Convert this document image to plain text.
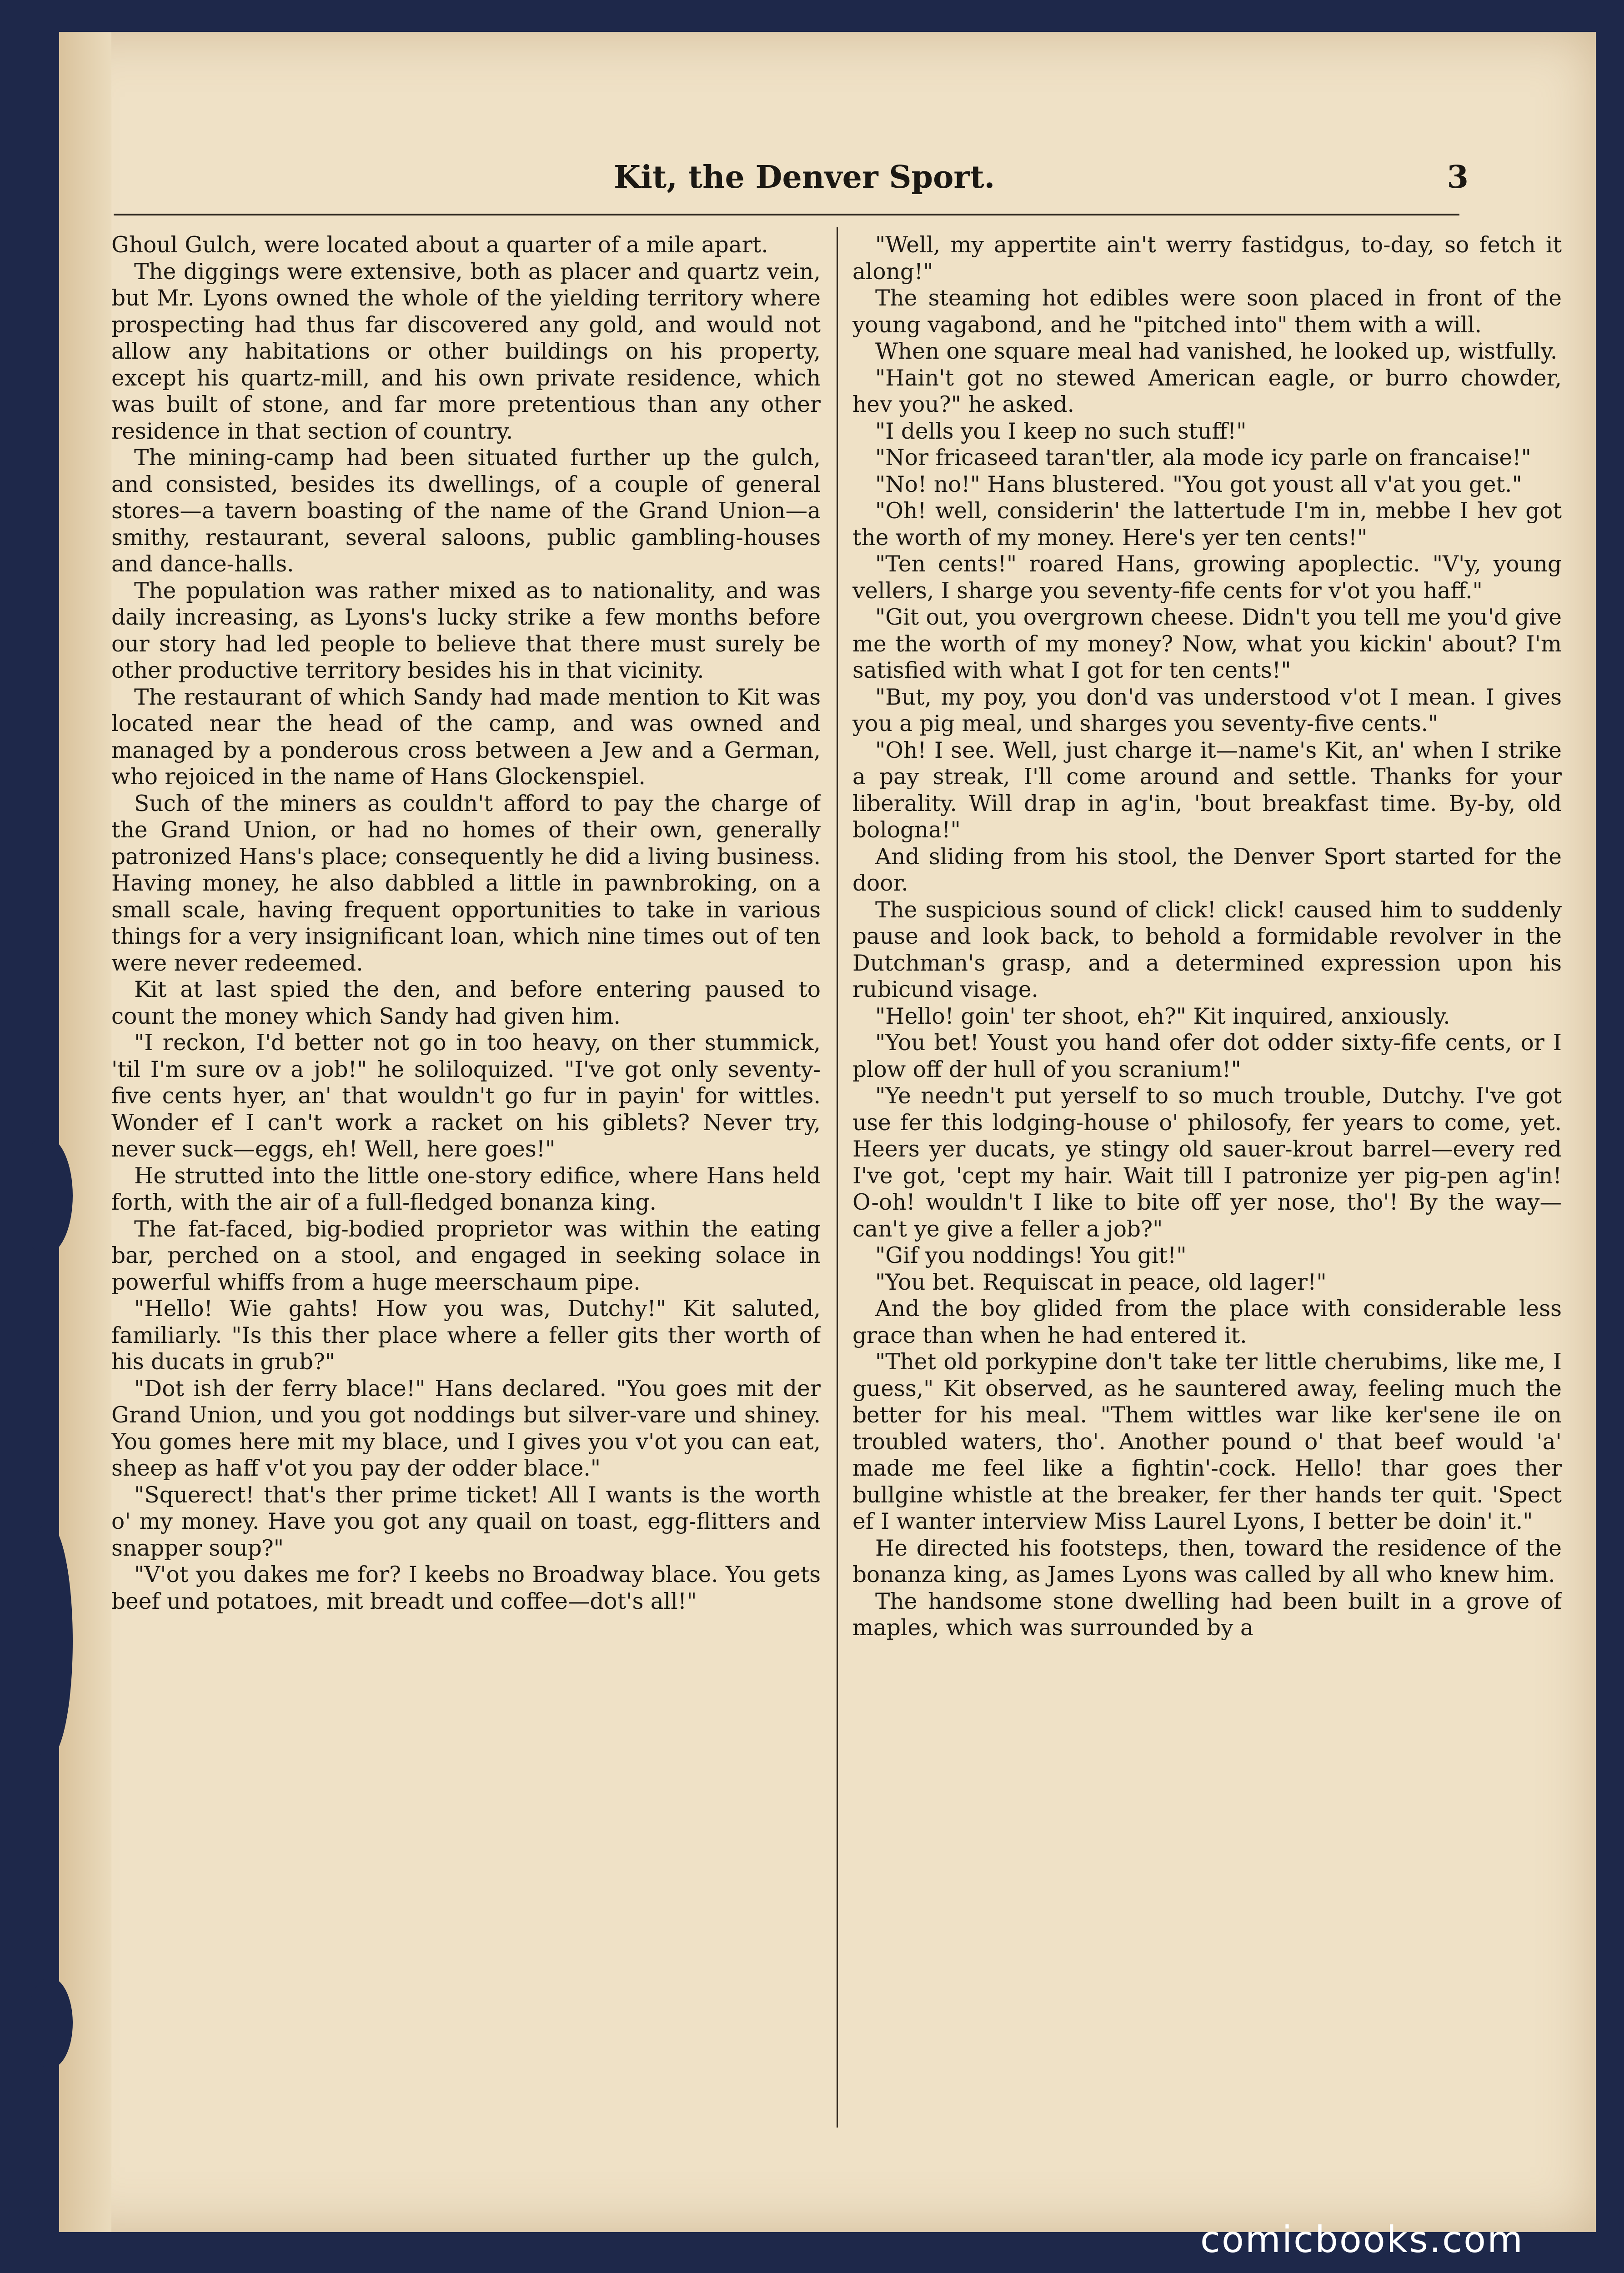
Kit, the Denver Sport.	3

Ghoul Gulch, were located about a quarter of a mile apart.

The diggings were extensive, both as placer and quartz vein, but Mr. Lyons owned the whole of the yielding territory where prospecting had thus far discovered any gold, and would not allow any habitations or other buildings on his property, except his quartz-mill, and his own private residence, which was built of stone, and far more pretentious than any other residence in that section of country.

The mining-camp had been situated further up the gulch, and consisted, besides its dwellings, of a couple of general stores—a tavern boasting of the name of the Grand Union—a smithy, restaurant, several saloons, public gambling-houses and dance-halls.

The population was rather mixed as to nationality, and was daily increasing, as Lyons's lucky strike a few months before our story had led people to believe that there must surely be other productive territory besides his in that vicinity.

The restaurant of which Sandy had made mention to Kit was located near the head of the camp, and was owned and managed by a ponderous cross between a Jew and a German, who rejoiced in the name of Hans Glockenspiel.

Such of the miners as couldn't afford to pay the charge of the Grand Union, or had no homes of their own, generally patronized Hans's place; consequently he did a living business. Having money, he also dabbled a little in pawnbroking, on a small scale, having frequent opportunities to take in various things for a very insignificant loan, which nine times out of ten were never redeemed.

Kit at last spied the den, and before entering paused to count the money which Sandy had given him.

"I reckon, I'd better not go in too heavy, on ther stummick, 'til I'm sure ov a job!" he soliloquized. "I've got only seventy-five cents hyer, an' that wouldn't go fur in payin' for wittles. Wonder ef I can't work a racket on his giblets? Never try, never suck—eggs, eh! Well, here goes!"

He strutted into the little one-story edifice, where Hans held forth, with the air of a full-fledged bonanza king.

The fat-faced, big-bodied proprietor was within the eating bar, perched on a stool, and engaged in seeking solace in powerful whiffs from a huge meerschaum pipe.

"Hello! Wie gahts! How you was, Dutchy!" Kit saluted, familiarly. "Is this ther place where a feller gits ther worth of his ducats in grub?"

"Dot ish der ferry blace!" Hans declared. "You goes mit der Grand Union, und you got noddings but silver-vare und shiney. You gomes here mit my blace, und I gives you v'ot you can eat, sheep as haff v'ot you pay der odder blace."

"Squerect! that's ther prime ticket! All I wants is the worth o' my money. Have you got any quail on toast, egg-flitters and snapper soup?"

"V'ot you dakes me for? I keebs no Broadway blace. You gets beef und potatoes, mit breadt und coffee—dot's all!"

"Well, my appertite ain't werry fastidgus, to-day, so fetch it along!"

The steaming hot edibles were soon placed in front of the young vagabond, and he "pitched into" them with a will.

When one square meal had vanished, he looked up, wistfully.

"Hain't got no stewed American eagle, or burro chowder, hev you?" he asked.

"I dells you I keep no such stuff!"

"Nor fricaseed taran'tler, ala mode icy parle on francaise!"

"No! no!" Hans blustered. "You got youst all v'at you get."

"Oh! well, considerin' the lattertude I'm in, mebbe I hev got the worth of my money. Here's yer ten cents!"

"Ten cents!" roared Hans, growing apoplectic. "V'y, young vellers, I sharge you seventy-fife cents for v'ot you haff."

"Git out, you overgrown cheese. Didn't you tell me you'd give me the worth of my money? Now, what you kickin' about? I'm satisfied with what I got for ten cents!"

"But, my poy, you don'd vas understood v'ot I mean. I gives you a pig meal, und sharges you seventy-five cents."

"Oh! I see. Well, just charge it—name's Kit, an' when I strike a pay streak, I'll come around and settle. Thanks for your liberality. Will drap in ag'in, 'bout breakfast time. By-by, old bologna!"

And sliding from his stool, the Denver Sport started for the door.

The suspicious sound of click! click! caused him to suddenly pause and look back, to behold a formidable revolver in the Dutchman's grasp, and a determined expression upon his rubicund visage.

"Hello! goin' ter shoot, eh?" Kit inquired, anxiously.

"You bet! Youst you hand ofer dot odder sixty-fife cents, or I plow off der hull of you scranium!"

"Ye needn't put yerself to so much trouble, Dutchy. I've got use fer this lodging-house o' philosofy, fer years to come, yet. Heers yer ducats, ye stingy old sauer-krout barrel—every red I've got, 'cept my hair. Wait till I patronize yer pig-pen ag'in! O-oh! wouldn't I like to bite off yer nose, tho'! By the way—can't ye give a feller a job?"

"Gif you noddings! You git!"

"You bet. Requiscat in peace, old lager!"

And the boy glided from the place with considerable less grace than when he had entered it.

"Thet old porkypine don't take ter little cherubims, like me, I guess," Kit observed, as he sauntered away, feeling much the better for his meal. "Them wittles war like ker'sene ile on troubled waters, tho'. Another pound o' that beef would 'a' made me feel like a fightin'-cock. Hello! thar goes ther bullgine whistle at the breaker, fer ther hands ter quit. 'Spect ef I wanter interview Miss Laurel Lyons, I better be doin' it."

He directed his footsteps, then, toward the residence of the bonanza king, as James Lyons was called by all who knew him.

The handsome stone dwelling had been built in a grove of maples, which was surrounded by a

comicbooks.com
